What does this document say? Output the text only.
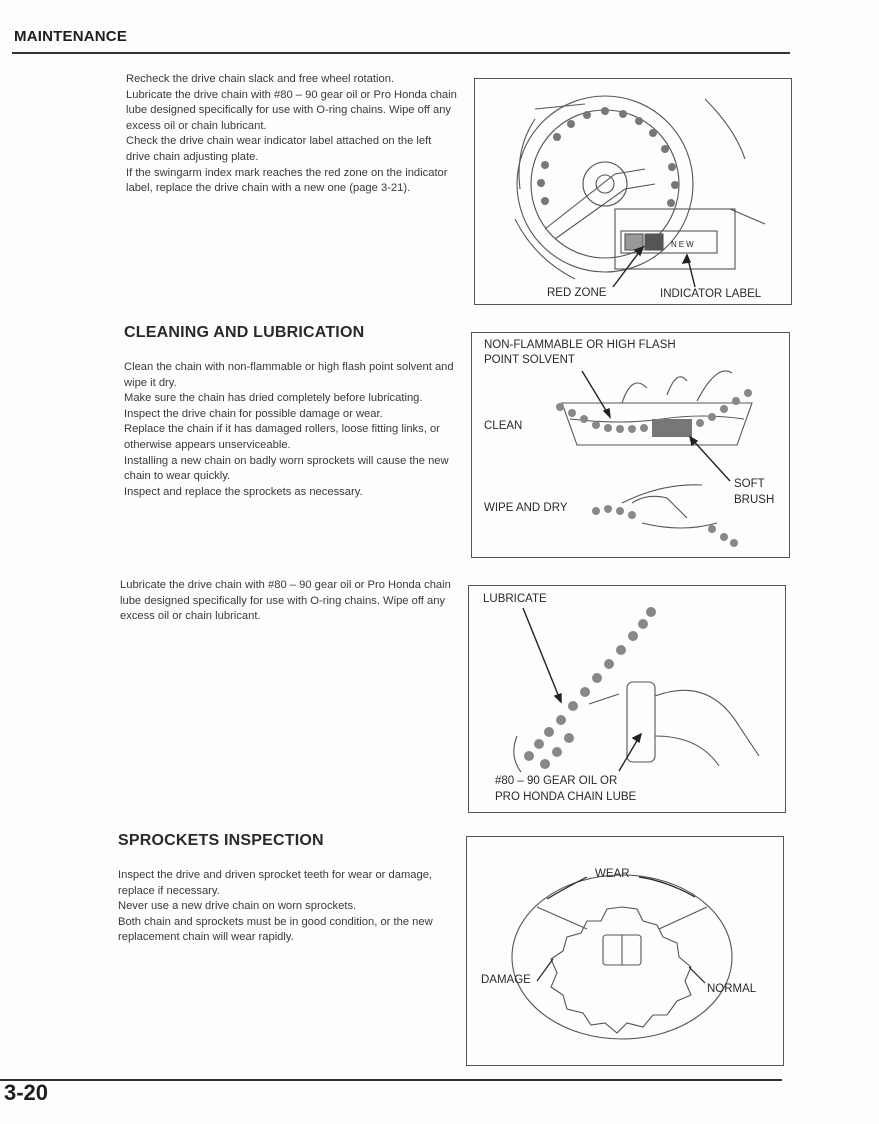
MAINTENANCE

Recheck the drive chain slack and free wheel rotation.

Lubricate the drive chain with #80 – 90 gear oil or Pro Honda chain lube designed specifically for use with O-ring chains. Wipe off any excess oil or chain lubricant.

Check the drive chain wear indicator label attached on the left drive chain adjusting plate.

If the swingarm index mark reaches the red zone on the indicator label, replace the drive chain with a new one (page 3-21).

NEW
RED ZONE	INDICATOR LABEL
CLEANING AND LUBRICATION

Clean the chain with non-flammable or high flash point solvent and wipe it dry.

Make sure the chain has dried completely before lubricating.

Inspect the drive chain for possible damage or wear.

Replace the chain if it has damaged rollers, loose fitting links, or otherwise appears unserviceable.

Installing a new chain on badly worn sprockets will cause the new chain to wear quickly.

Inspect and replace the sprockets as necessary.

NON-FLAMMABLE OR HIGH FLASH
POINT SOLVENT
CLEAN
SOFT
BRUSH
WIPE AND DRY

Lubricate the drive chain with #80 – 90 gear oil or Pro Honda chain lube designed specifically for use with O-ring chains. Wipe off any excess oil or chain lubricant.

LUBRICATE
#80 – 90 GEAR OIL OR
PRO HONDA CHAIN LUBE
SPROCKETS INSPECTION

Inspect the drive and driven sprocket teeth for wear or damage, replace if necessary.

Never use a new drive chain on worn sprockets.

Both chain and sprockets must be in good condition, or the new replacement chain will wear rapidly.

WEAR
DAMAGE
NORMAL
3-20
